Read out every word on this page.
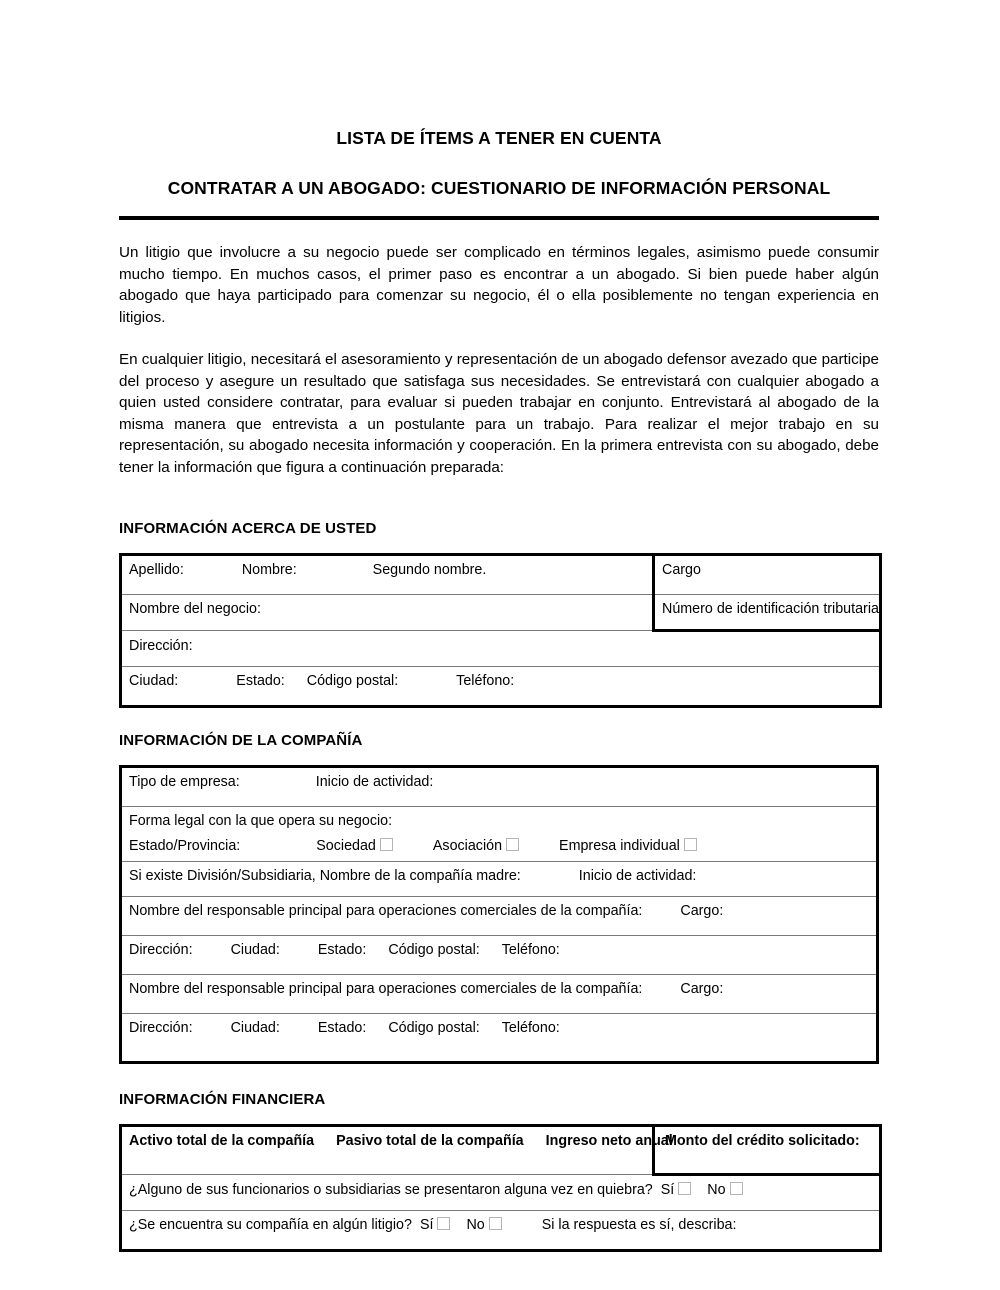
LISTA DE ÍTEMS A TENER EN CUENTA
CONTRATAR A UN ABOGADO: CUESTIONARIO DE INFORMACIÓN PERSONAL

Un litigio que involucre a su negocio puede ser complicado en términos legales, asimismo puede consumir mucho tiempo. En muchos casos, el primer paso es encontrar a un abogado. Si bien puede haber algún abogado que haya participado para comenzar su negocio, él o ella posiblemente no tengan experiencia en litigios.

En cualquier litigio, necesitará el asesoramiento y representación de un abogado defensor avezado que participe del proceso y asegure un resultado que satisfaga sus necesidades. Se entrevistará con cualquier abogado a quien usted considere contratar, para evaluar si pueden trabajar en conjunto. Entrevistará al abogado de la misma manera que entrevista a un postulante para un trabajo. Para realizar el mejor trabajo en su representación, su abogado necesita información y cooperación. En la primera entrevista con su abogado, debe tener la información que figura a continuación preparada:

INFORMACIÓN ACERCA DE USTED
Apellido: Nombre: Segundo nombre.	Cargo
Nombre del negocio:	Número de identificación tributaria
Dirección:	
Ciudad: Estado: Código postal: Teléfono:	
INFORMACIÓN DE LA COMPAÑÍA
Tipo de empresa:	Inicio de actividad:

Forma legal con la que opera su negocio:
Estado/Provincia:	Sociedad	Asociación	Empresa individual

Si existe División/Subsidiaria, Nombre de la compañía madre:	Inicio de actividad:
Nombre del responsable principal para operaciones comerciales de la compañía:	Cargo:
Dirección:	Ciudad:	Estado: Código postal: Teléfono:
Nombre del responsable principal para operaciones comerciales de la compañía:	Cargo:
Dirección:	Ciudad:	Estado: Código postal: Teléfono:
INFORMACIÓN FINANCIERA
Activo total de la compañía Pasivo total de la compañía Ingreso neto anual	Monto del crédito solicitado:
¿Alguno de sus funcionarios o subsidiarias se presentaron alguna vez en quiebra? Sí No
¿Se encuentra su compañía en algún litigio? Sí No	Si la respuesta es sí, describa:
